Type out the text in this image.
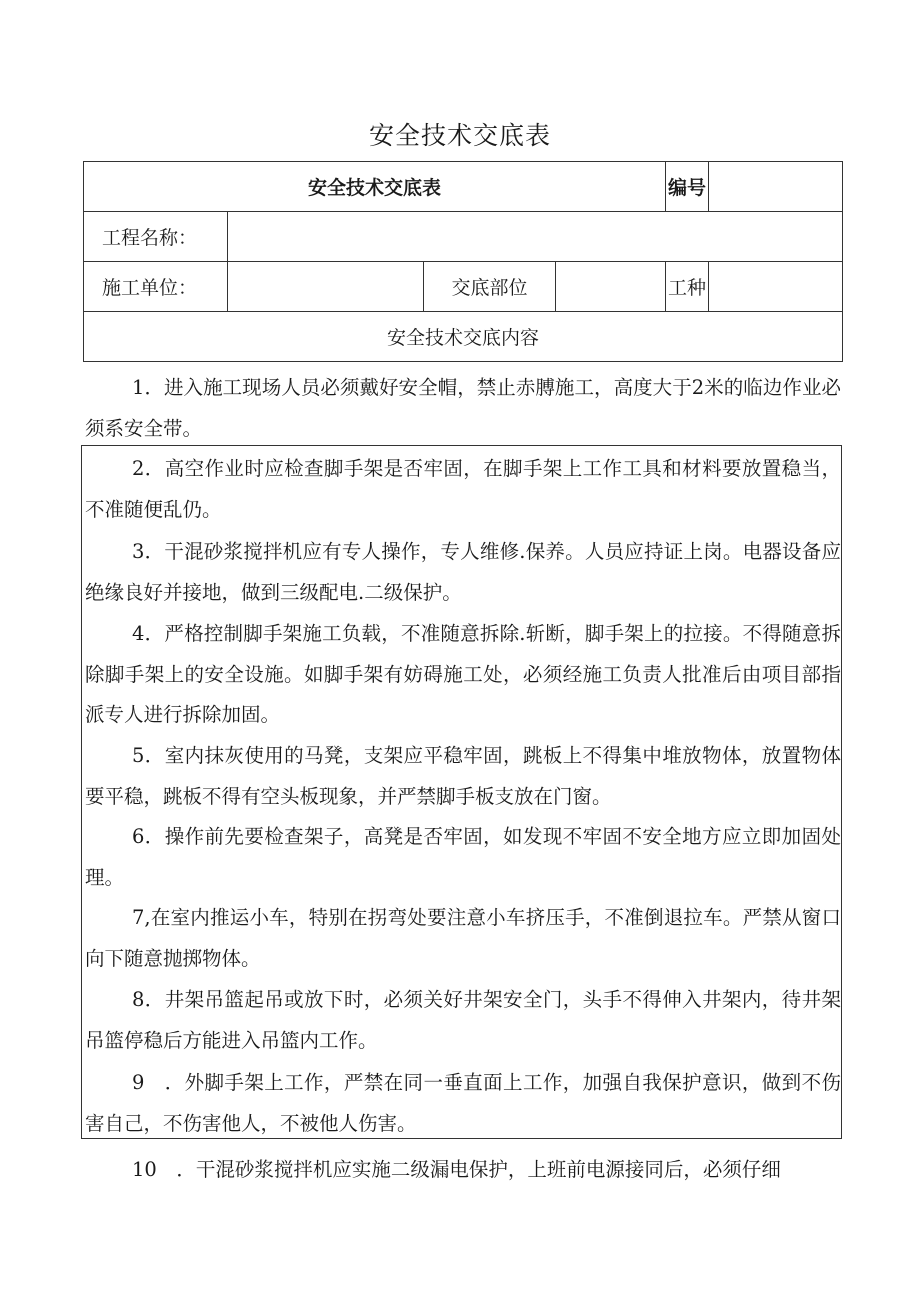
安全技术交底表
安全技术交底表				编号	
工程名称：					
施工单位：		交底部位		工种	
安全技术交底内容					

1．进入施工现场人员必须戴好安全帽，禁止赤膊施工，高度大于2米的临边作业必须系安全带。

2．高空作业时应检查脚手架是否牢固，在脚手架上工作工具和材料要放置稳当，不准随便乱仍。

3．干混砂浆搅拌机应有专人操作，专人维修.保养。人员应持证上岗。电器设备应绝缘良好并接地，做到三级配电.二级保护。

4．严格控制脚手架施工负载，不准随意拆除.斩断，脚手架上的拉接。不得随意拆除脚手架上的安全设施。如脚手架有妨碍施工处，必须经施工负责人批准后由项目部指派专人进行拆除加固。

5．室内抹灰使用的马凳，支架应平稳牢固，跳板上不得集中堆放物体，放置物体要平稳，跳板不得有空头板现象，并严禁脚手板支放在门窗。

6．操作前先要检查架子，高凳是否牢固，如发现不牢固不安全地方应立即加固处理。

7,在室内推运小车，特别在拐弯处要注意小车挤压手，不准倒退拉车。严禁从窗口向下随意抛掷物体。

8．井架吊篮起吊或放下时，必须关好井架安全门，头手不得伸入井架内，待井架吊篮停稳后方能进入吊篮内工作。

9　．外脚手架上工作，严禁在同一垂直面上工作，加强自我保护意识，做到不伤害自己，不伤害他人，不被他人伤害。

10　．干混砂浆搅拌机应实施二级漏电保护，上班前电源接同后，必须仔细
